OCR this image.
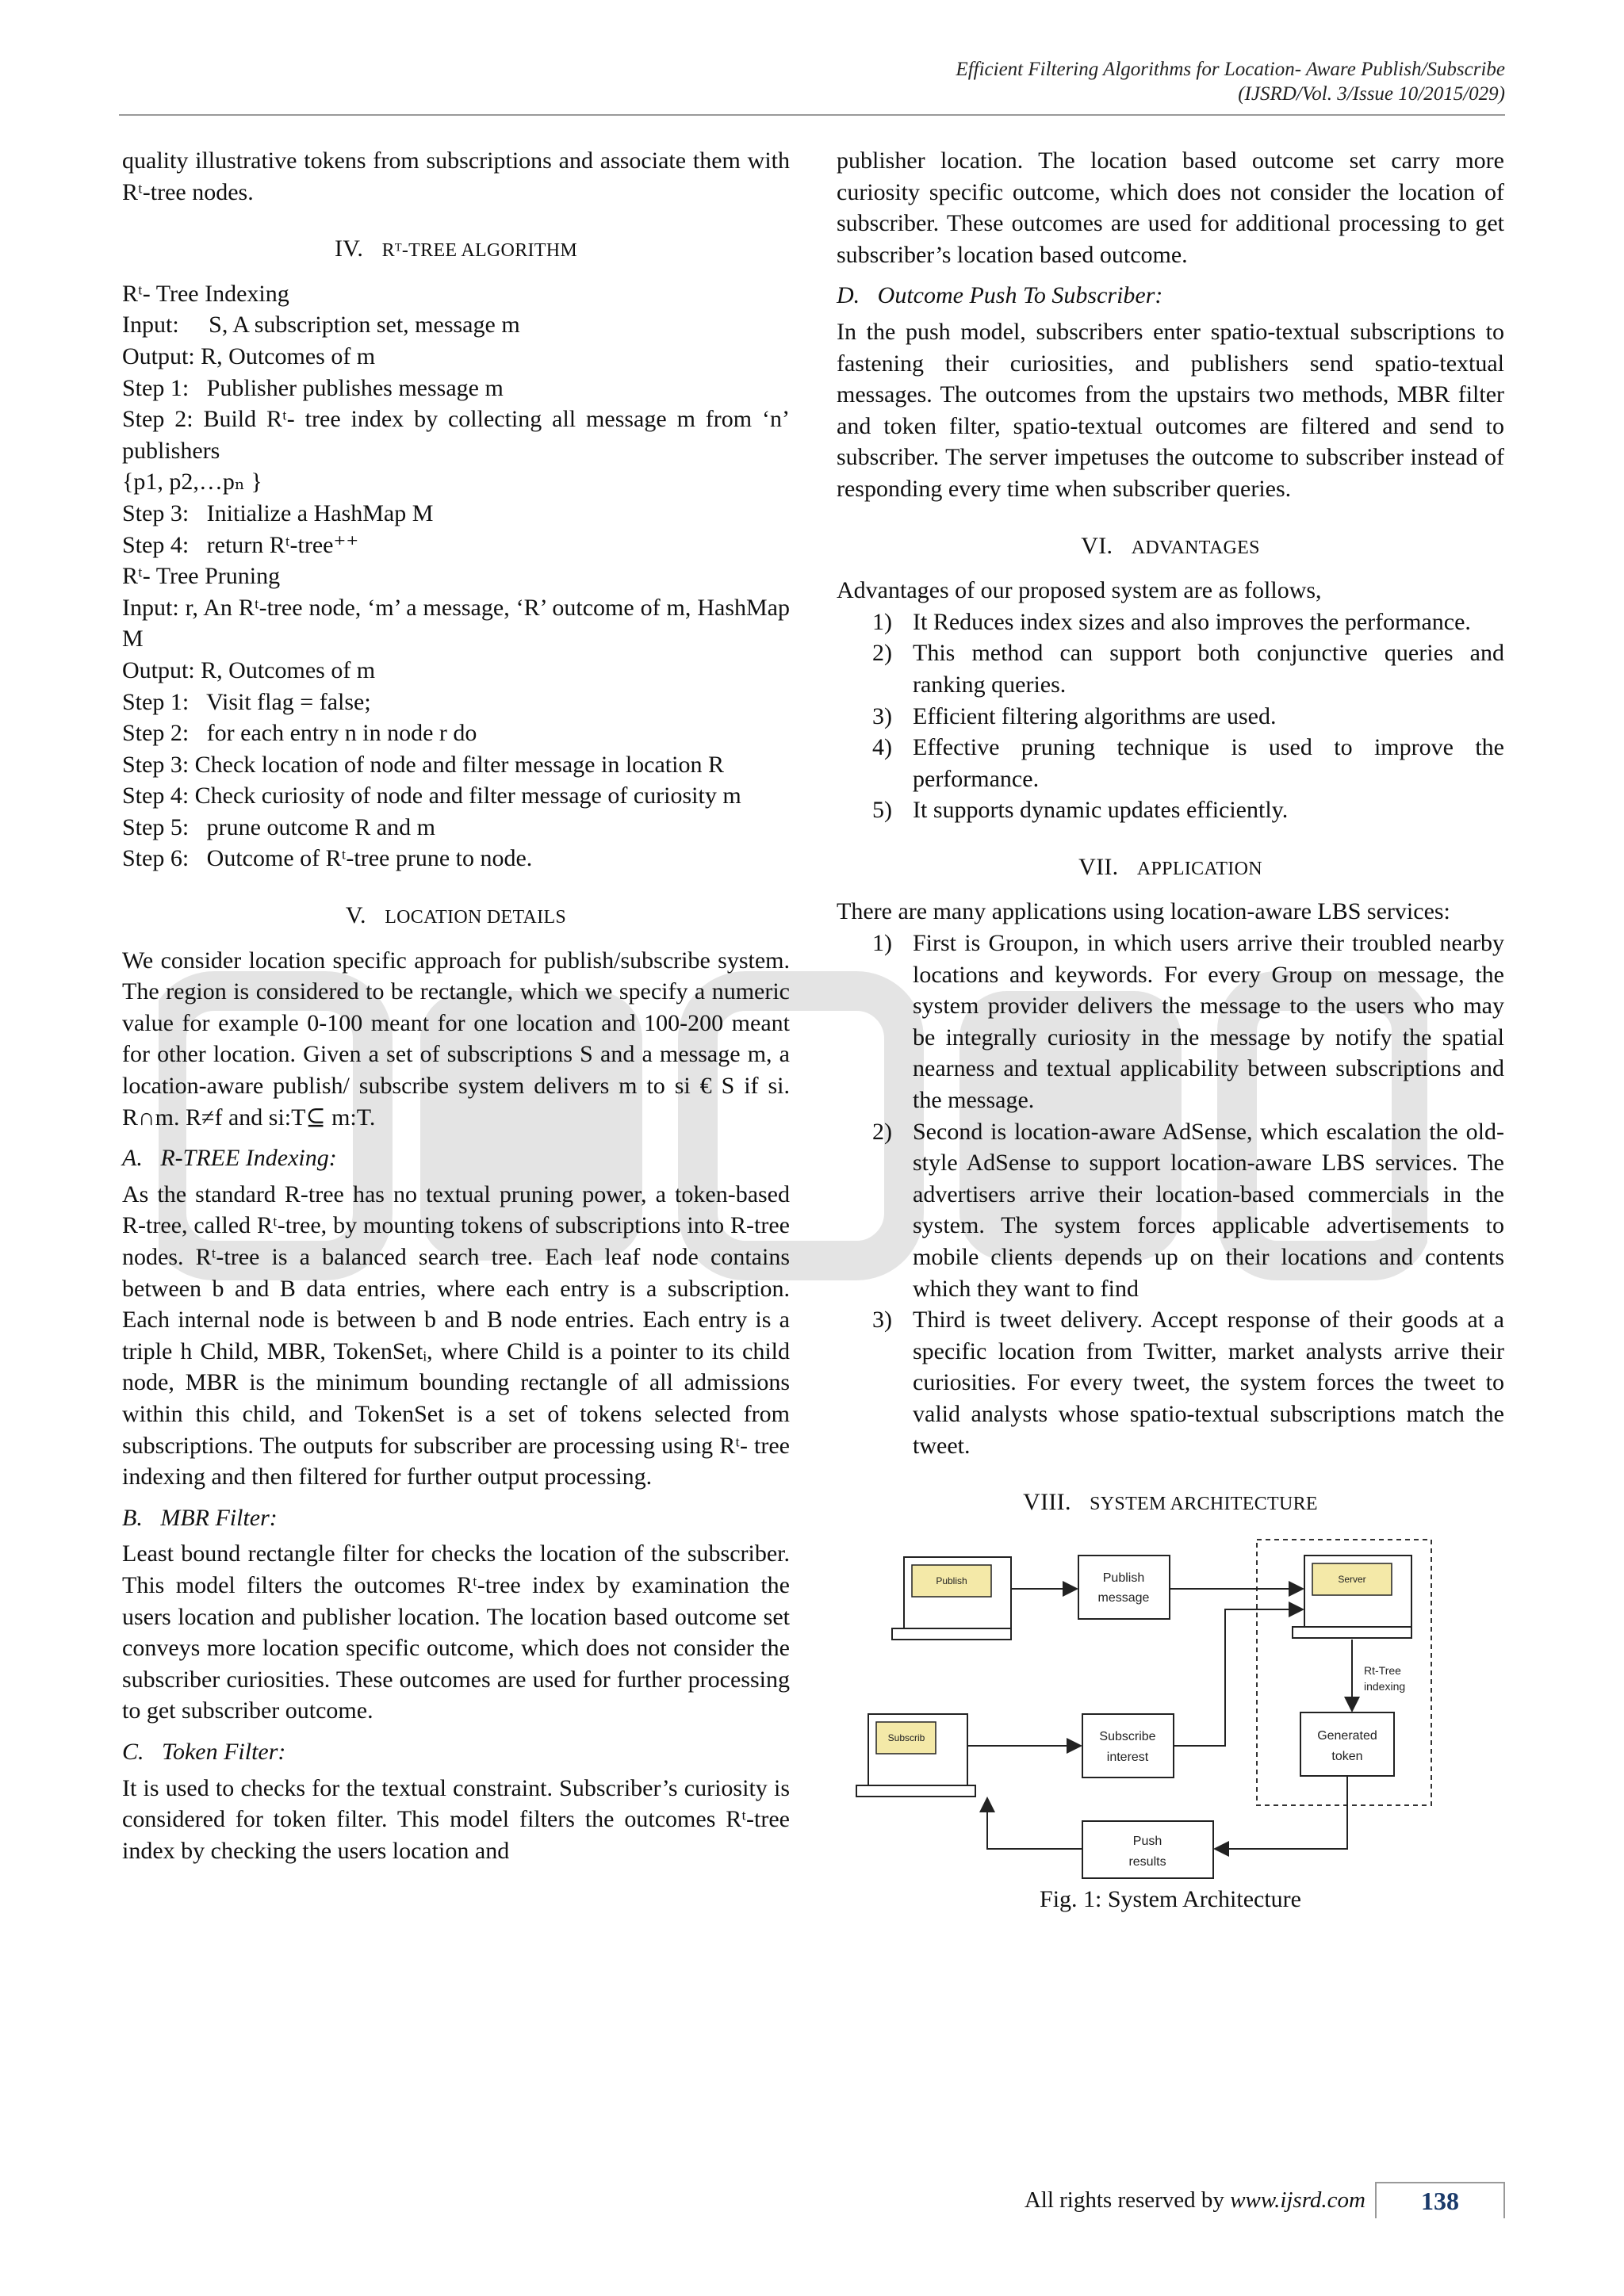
Efficient Filtering Algorithms for Location- Aware Publish/Subscribe
(IJSRD/Vol. 3/Issue 10/2015/029)

quality illustrative tokens from subscriptions and associate them with Rᵗ-tree nodes.

IV. Rᵀ-TREE ALGORITHM

Rᵗ- Tree Indexing

Input:     S, A subscription set, message m

Output: R, Outcomes of m

Step 1:   Publisher publishes message m

Step 2: Build Rᵗ- tree index by collecting all message m from ‘n’ publishers

{p1, p2,…pₙ }

Step 3:   Initialize a HashMap M

Step 4:   return Rᵗ-tree⁺⁺

Rᵗ- Tree Pruning

Input: r, An Rᵗ-tree node, ‘m’ a message, ‘R’ outcome of m, HashMap M

Output: R, Outcomes of m

Step 1:   Visit flag = false;

Step 2:   for each entry n in node r do

Step 3: Check location of node and filter message in location R

Step 4: Check curiosity of node and filter message of curiosity m

Step 5:   prune outcome R and m

Step 6:   Outcome of Rᵗ-tree prune to node.

V. LOCATION DETAILS

We consider location specific approach for publish/subscribe system. The region is considered to be rectangle, which we specify a numeric value for example 0-100 meant for one location and 100-200 meant for other location. Given a set of subscriptions S and a message m, a location-aware publish/ subscribe system delivers m to si € S if si. R∩m. R≠f and si:T⊆ m:T.

A. R-TREE Indexing:

As the standard R-tree has no textual pruning power, a token-based R-tree, called Rᵗ-tree, by mounting tokens of subscriptions into R-tree nodes. Rᵗ-tree is a balanced search tree. Each leaf node contains between b and B data entries, where each entry is a subscription. Each internal node is between b and B node entries. Each entry is a triple h Child, MBR, TokenSetᵢ, where Child is a pointer to its child node, MBR is the minimum bounding rectangle of all admissions within this child, and TokenSet is a set of tokens selected from subscriptions. The outputs for subscriber are processing using Rᵗ- tree indexing and then filtered for further output processing.

B. MBR Filter:

Least bound rectangle filter for checks the location of the subscriber. This model filters the outcomes Rᵗ-tree index by examination the users location and publisher location. The location based outcome set conveys more location specific outcome, which does not consider the subscriber curiosities. These outcomes are used for further processing to get subscriber outcome.

C. Token Filter:

It is used to checks for the textual constraint. Subscriber’s curiosity is considered for token filter. This model filters the outcomes Rᵗ-tree index by checking the users location and

publisher location. The location based outcome set carry more curiosity specific outcome, which does not consider the location of subscriber. These outcomes are used for additional processing to get subscriber’s location based outcome.

D. Outcome Push To Subscriber:

In the push model, subscribers enter spatio-textual subscriptions to fastening their curiosities, and publishers send spatio-textual messages. The outcomes from the upstairs two methods, MBR filter and token filter, spatio-textual outcomes are filtered and send to subscriber. The server impetuses the outcome to subscriber instead of responding every time when subscriber queries.

VI. ADVANTAGES

Advantages of our proposed system are as follows,

1) It Reduces index sizes and also improves the performance.
2) This method can support both conjunctive queries and ranking queries.
3) Efficient filtering algorithms are used.
4) Effective pruning technique is used to improve the performance.
5) It supports dynamic updates efficiently.
VII. APPLICATION

There are many applications using location-aware LBS services:

1) First is Groupon, in which users arrive their troubled nearby locations and keywords. For every Group on message, the system provider delivers the message to the users who may be integrally curiosity in the message by notify the spatial nearness and textual applicability between subscriptions and the message.
2) Second is location-aware AdSense, which escalation the old-style AdSense to support location-aware LBS services. The advertisers arrive their location-based commercials in the system. The system forces applicable advertisements to mobile clients depends up on their locations and contents which they want to find
3) Third is tweet delivery. Accept response of their goods at a specific location from Twitter, market analysts arrive their curiosities. For every tweet, the system forces the tweet to valid analysts whose spatio-textual subscriptions match the tweet.
VIII. SYSTEM ARCHITECTURE
Publish	Publish
message
Server
Rt-Tree
indexing
Subscrib	Subscribe
interest
Generated
token
Push
results

Fig. 1: System Architecture

All rights reserved by www.ijsrd.com	138
